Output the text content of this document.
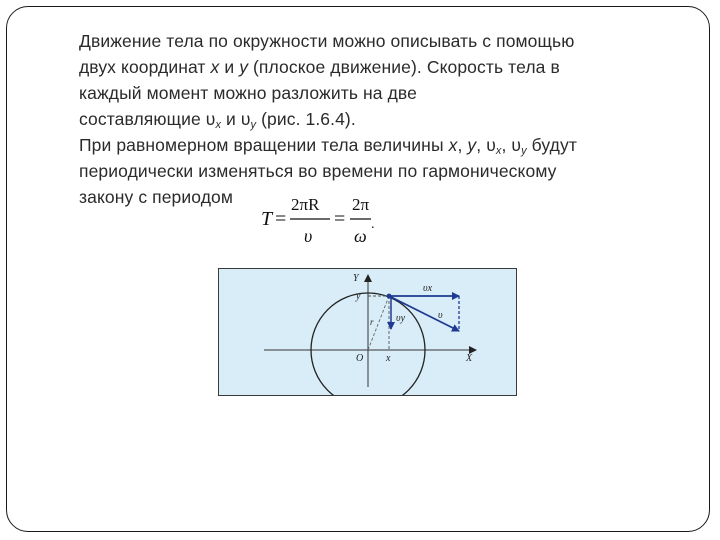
Движение тела по окружности можно описывать с помощью

двух координат x и y (плоское движение). Скорость тела в

каждый момент можно разложить на две

составляющие $\upsilon_x$ и $\upsilon_y$ (рис. 1.6.4).

При равномерном вращении тела величины x, y, $\upsilon_x$, $\upsilon_y$ будут

периодически изменяться во времени по гармоническому

закону с периодом

T =
2πR
υ
=
2π
ω
.
Y
X
O
y
x
r
υx
υ
υy
